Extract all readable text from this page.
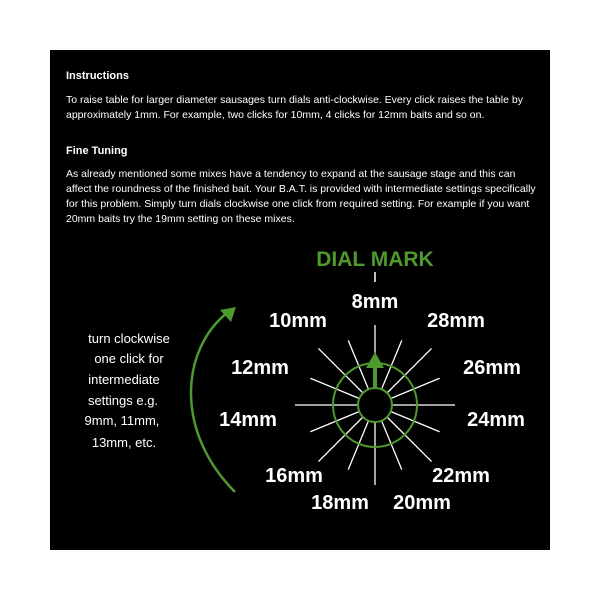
Instructions
To raise table for larger diameter sausages turn dials anti-clockwise. Every click raises the table by approximately 1mm. For example, two clicks for 10mm, 4 clicks for 12mm baits and so on.
Fine Tuning
As already mentioned some mixes have a tendency to expand at the sausage stage and this can affect the roundness of the finished bait. Your B.A.T. is provided with intermediate settings specifically for this problem. Simply turn dials clockwise one click from required setting. For example if you want 20mm baits try the 19mm setting on these mixes.
DIAL MARK
8mm
10mm
12mm
14mm
16mm
18mm 20mm
22mm
24mm
26mm
28mm
turn clockwise
one click for
intermediate
settings e.g.
9mm, 11mm,
13mm, etc.
